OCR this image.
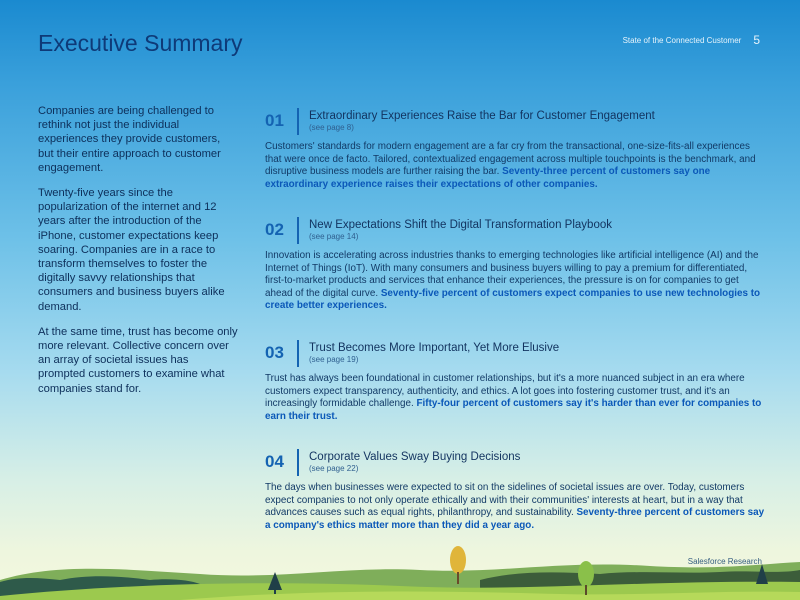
Executive Summary	State of the Connected Customer 5

Companies are being challenged to rethink not just the individual experiences they provide customers, but their entire approach to customer engagement.

Twenty-five years since the popularization of the internet and 12 years after the introduction of the iPhone, customer expectations keep soaring. Companies are in a race to transform themselves to foster the digitally savvy relationships that consumers and business buyers alike demand.

At the same time, trust has become only more relevant. Collective concern over an array of societal issues has prompted customers to examine what companies stand for.

01	Extraordinary Experiences Raise the Bar for Customer Engagement
(see page 8)
Customers' standards for modern engagement are a far cry from the transactional, one-size-fits-all experiences that were once de facto. Tailored, contextualized engagement across multiple touchpoints is the benchmark, and disruptive business models are further raising the bar. Seventy-three percent of customers say one extraordinary experience raises their expectations of other companies.
02	New Expectations Shift the Digital Transformation Playbook
(see page 14)
Innovation is accelerating across industries thanks to emerging technologies like artificial intelligence (AI) and the Internet of Things (IoT). With many consumers and business buyers willing to pay a premium for differentiated, first-to-market products and services that enhance their experiences, the pressure is on for companies to get ahead of the digital curve. Seventy-five percent of customers expect companies to use new technologies to create better experiences.
03	Trust Becomes More Important, Yet More Elusive
(see page 19)
Trust has always been foundational in customer relationships, but it's a more nuanced subject in an era where customers expect transparency, authenticity, and ethics. A lot goes into fostering customer trust, and it's an increasingly formidable challenge. Fifty-four percent of customers say it's harder than ever for companies to earn their trust.
04	Corporate Values Sway Buying Decisions
(see page 22)
The days when businesses were expected to sit on the sidelines of societal issues are over. Today, customers expect companies to not only operate ethically and with their communities' interests at heart, but in a way that advances causes such as equal rights, philanthropy, and sustainability. Seventy-three percent of customers say a company's ethics matter more than they did a year ago.
Salesforce Research
